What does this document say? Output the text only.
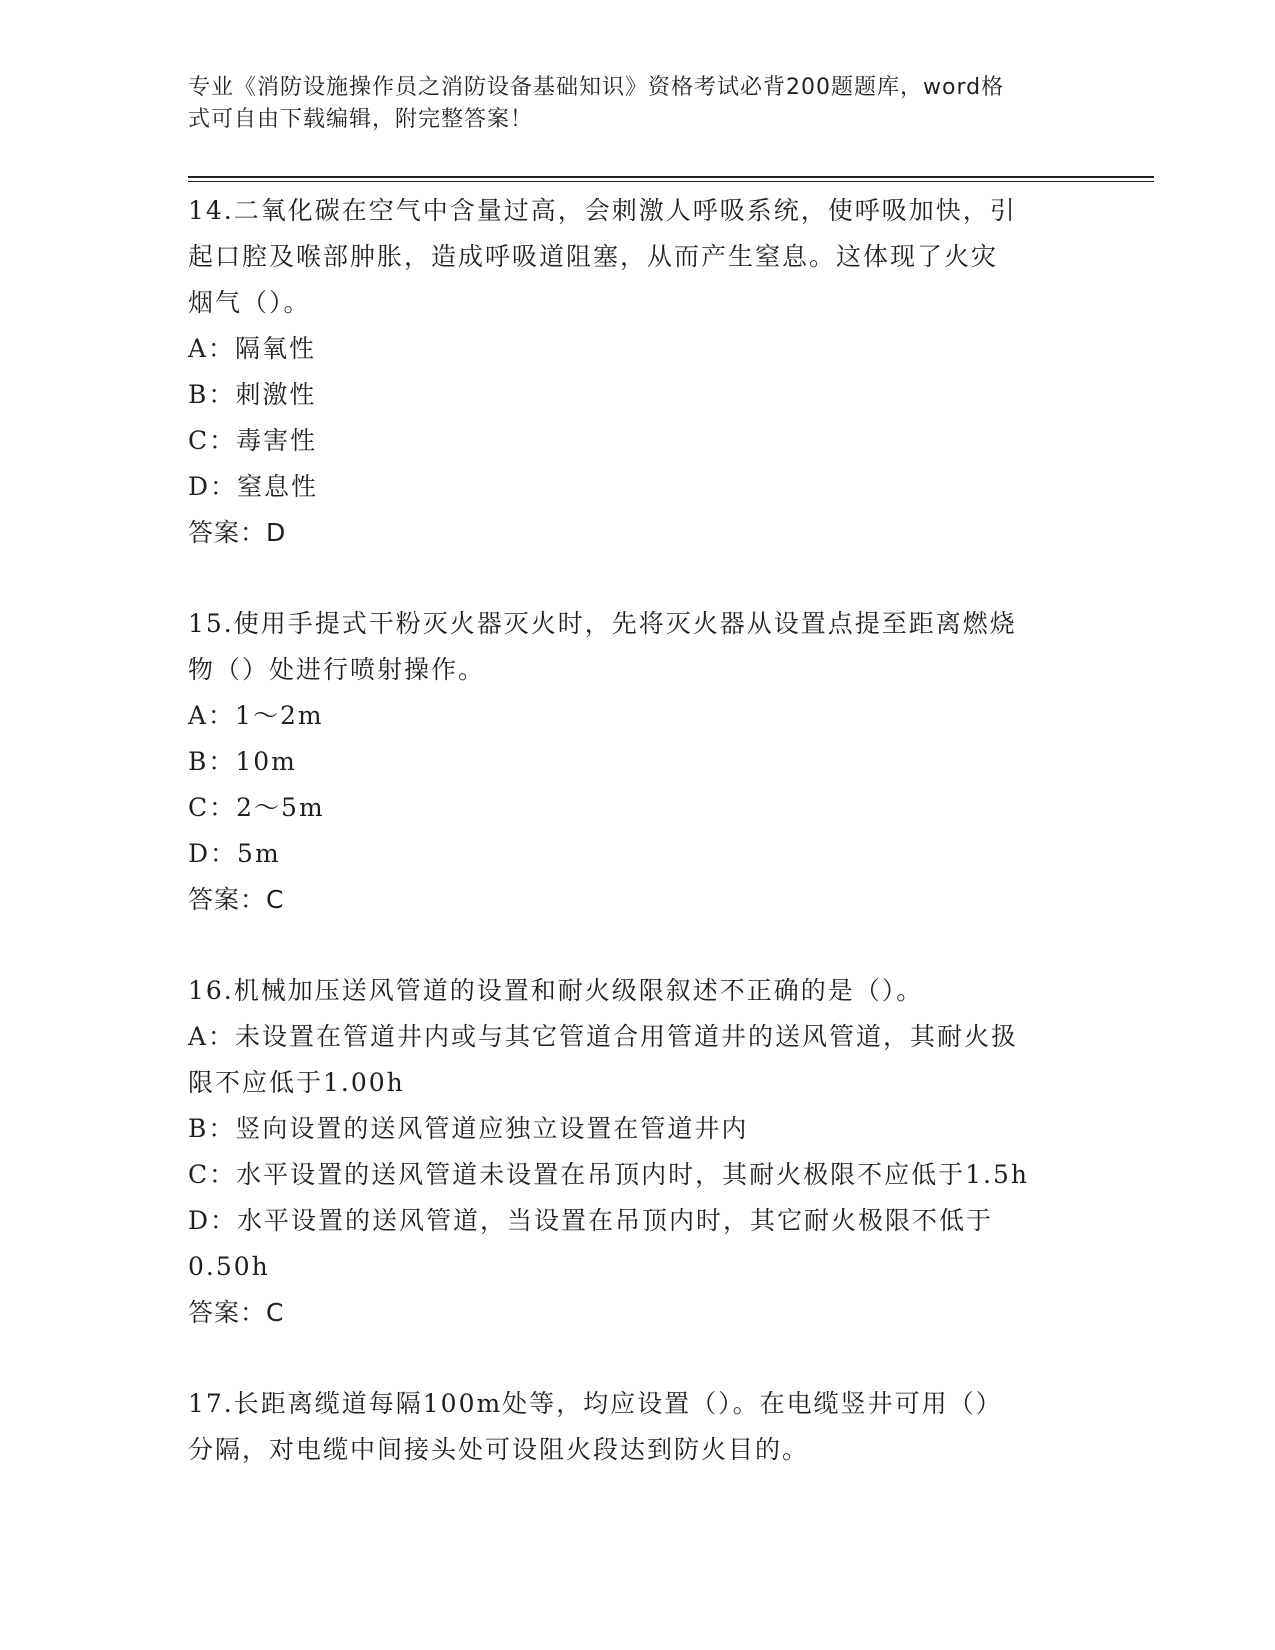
专业《消防设施操作员之消防设备基础知识》资格考试必背200题题库，word格
式可自由下载编辑，附完整答案！

14.二氧化碳在空气中含量过高，会刺激人呼吸系统，使呼吸加快，引

起口腔及喉部肿胀，造成呼吸道阻塞，从而产生窒息。这体现了火灾

烟气（）。

A：隔氧性

B：刺激性

C：毒害性

D：窒息性

答案：D

15.使用手提式干粉灭火器灭火时，先将灭火器从设置点提至距离燃烧

物（）处进行喷射操作。

A：1～2m

B：10m

C：2～5m

D：5m

答案：C

16.机械加压送风管道的设置和耐火级限叙述不正确的是（）。

A：未设置在管道井内或与其它管道合用管道井的送风管道，其耐火扱

限不应低于1.00h

B：竖向设置的送风管道应独立设置在管道井内

C：水平设置的送风管道未设置在吊顶内时，其耐火极限不应低于1.5h

D：水平设置的送风管道，当设置在吊顶内时，其它耐火极限不低于

0.50h

答案：C

17.长距离缆道每隔100m处等，均应设置（）。在电缆竖井可用（）

分隔，对电缆中间接头处可设阻火段达到防火目的。
